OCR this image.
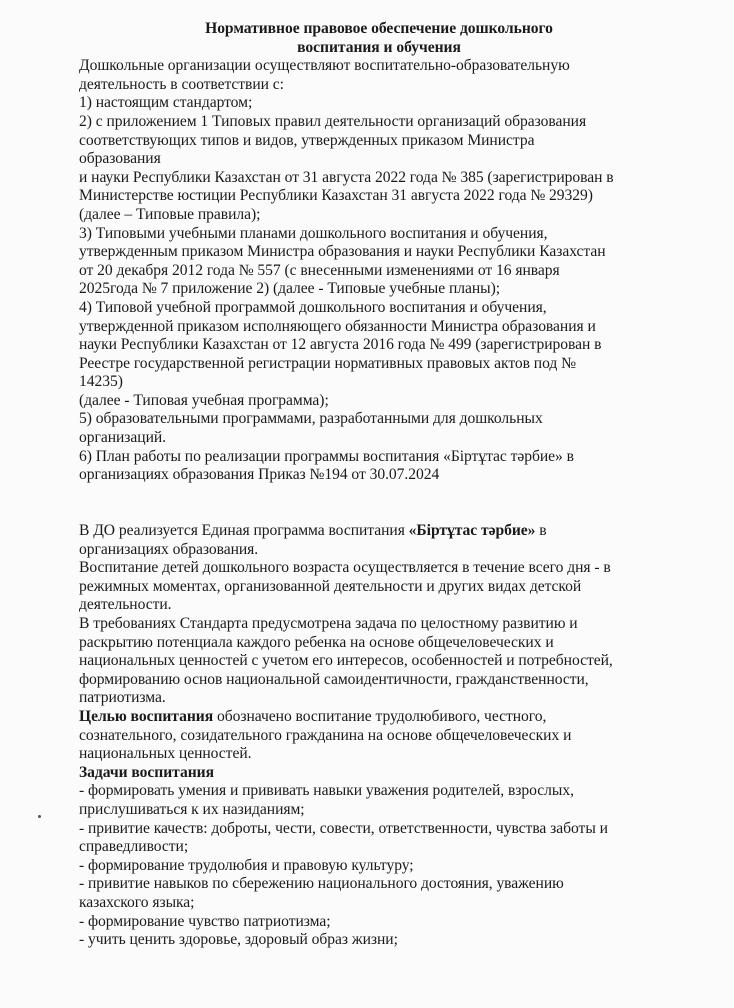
Нормативное правовое обеспечение дошкольного
воспитания и обучения

Дошкольные организации осуществляют воспитательно-образовательную

деятельность в соответствии с:

1) настоящим стандартом;

2) с приложением 1 Типовых правил деятельности организаций образования

соответствующих типов и видов, утвержденных приказом Министра

образования

и науки Республики Казахстан от 31 августа 2022 года № 385 (зарегистрирован в

Министерстве юстиции Республики Казахстан 31 августа 2022 года № 29329)

(далее – Типовые правила);

3) Типовыми учебными планами дошкольного воспитания и обучения,

утвержденным приказом Министра образования и науки Республики Казахстан

от 20 декабря 2012 года № 557 (с внесенными изменениями от 16 января

2025года № 7 приложение 2) (далее - Типовые учебные планы);

4) Типовой учебной программой дошкольного воспитания и обучения,

утвержденной приказом исполняющего обязанности Министра образования и

науки Республики Казахстан от 12 августа 2016 года № 499 (зарегистрирован в

Реестре государственной регистрации нормативных правовых актов под №

14235)

(далее - Типовая учебная программа);

5) образовательными программами, разработанными для дошкольных

организаций.

6) План работы по реализации программы воспитания «Біртұтас тәрбие» в

организациях образования Приказ №194 от 30.07.2024

В ДО реализуется Единая программа воспитания «Біртұтас тәрбие» в

организациях образования.

Воспитание детей дошкольного возраста осуществляется в течение всего дня - в

режимных моментах, организованной деятельности и других видах детской

деятельности.

В требованиях Стандарта предусмотрена задача по целостному развитию и

раскрытию потенциала каждого ребенка на основе общечеловеческих и

национальных ценностей с учетом его интересов, особенностей и потребностей,

формированию основ национальной самоидентичности, гражданственности,

патриотизма.

Целью воспитания обозначено воспитание трудолюбивого, честного,

сознательного, созидательного гражданина на основе общечеловеческих и

национальных ценностей.

Задачи воспитания

- формировать умения и прививать навыки уважения родителей, взрослых,

прислушиваться к их назиданиям;

- привитие качеств: доброты, чести, совести, ответственности, чувства заботы и

справедливости;

- формирование трудолюбия и правовую культуру;

- привитие навыков по сбережению национального достояния, уважению

казахского языка;

- формирование чувство патриотизма;

- учить ценить здоровье, здоровый образ жизни;
